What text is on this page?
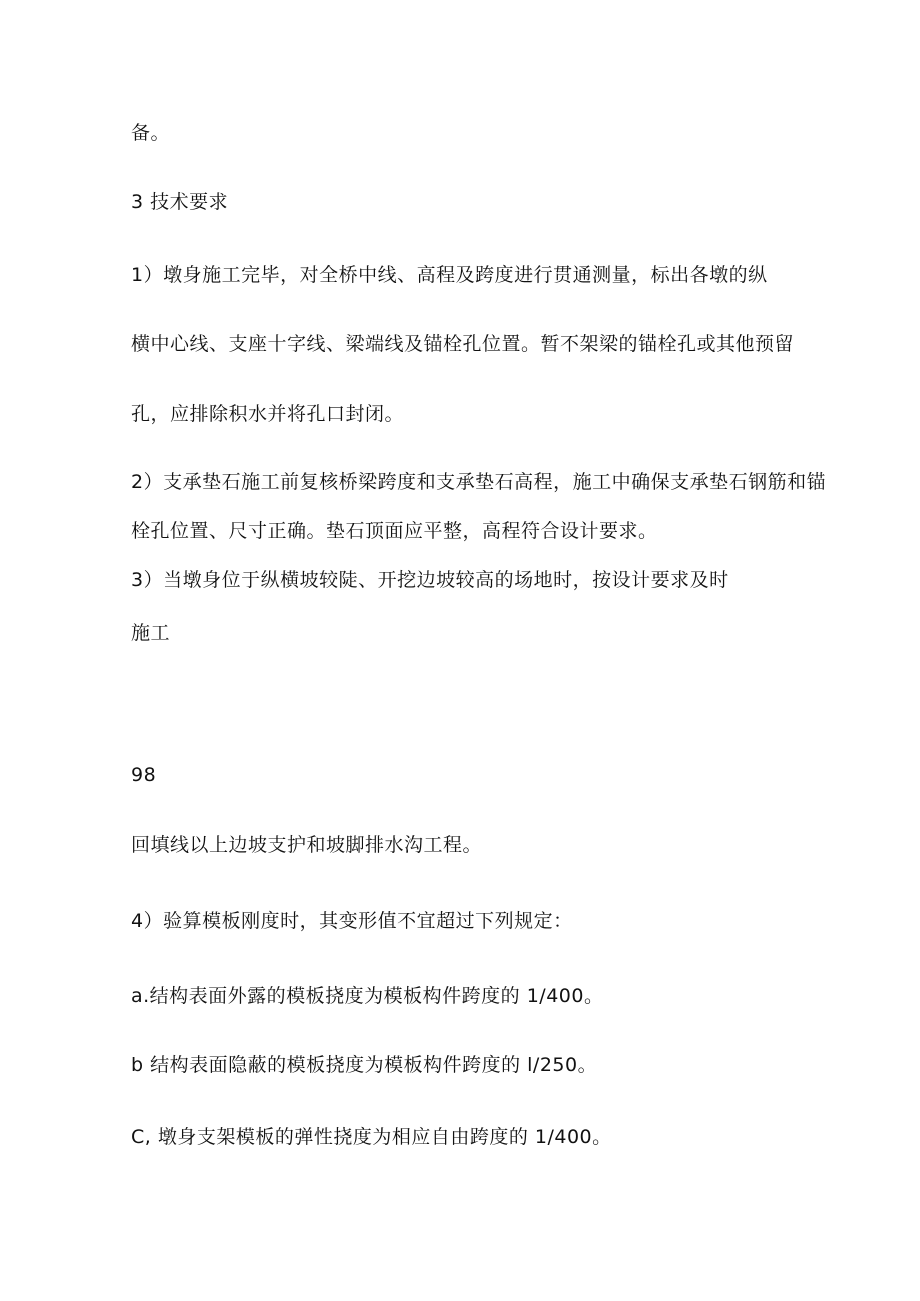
备。
3 技术要求
1）墩身施工完毕，对全桥中线、高程及跨度进行贯通测量，标出各墩的纵
横中心线、支座十字线、梁端线及锚栓孔位置。暂不架梁的锚栓孔或其他预留
孔，应排除积水并将孔口封闭。
2）支承垫石施工前复核桥梁跨度和支承垫石高程，施工中确保支承垫石钢筋和锚
栓孔位置、尺寸正确。垫石顶面应平整，高程符合设计要求。
3）当墩身位于纵横坡较陡、开挖边坡较高的场地时，按设计要求及时
施工
98
回填线以上边坡支护和坡脚排水沟工程。
4）验算模板刚度时，其变形值不宜超过下列规定：
a.结构表面外露的模板挠度为模板构件跨度的 1/400。
b 结构表面隐蔽的模板挠度为模板构件跨度的 l/250。
C, 墩身支架模板的弹性挠度为相应自由跨度的 1/400。
